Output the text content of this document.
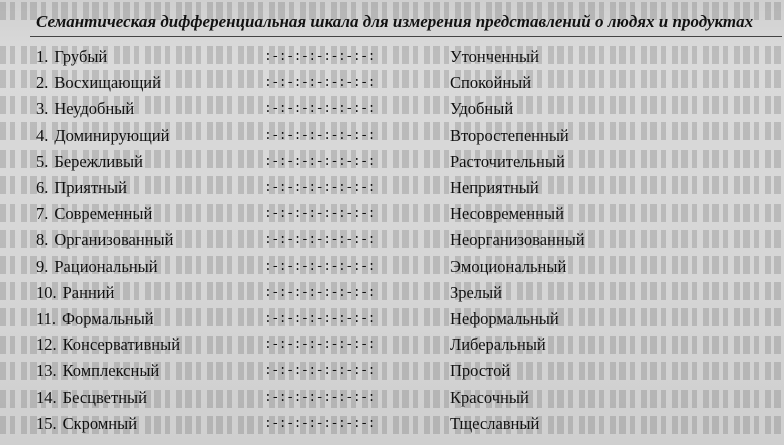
Семантическая дифференциальная шкала для измерения представлений о людях и продуктах
1. Грубый	:-:-:-:-:-:-:-:	Утонченный
2. Восхищающий	:-:-:-:-:-:-:-:	Спокойный
3. Неудобный	:-:-:-:-:-:-:-:	Удобный
4. Доминирующий	:-:-:-:-:-:-:-:	Второстепенный
5. Бережливый	:-:-:-:-:-:-:-:	Расточительный
6. Приятный	:-:-:-:-:-:-:-:	Неприятный
7. Современный	:-:-:-:-:-:-:-:	Несовременный
8. Организованный	:-:-:-:-:-:-:-:	Неорганизованный
9. Рациональный	:-:-:-:-:-:-:-:	Эмоциональный
10. Ранний	:-:-:-:-:-:-:-:	Зрелый
11. Формальный	:-:-:-:-:-:-:-:	Неформальный
12. Консервативный	:-:-:-:-:-:-:-:	Либеральный
13. Комплексный	:-:-:-:-:-:-:-:	Простой
14. Бесцветный	:-:-:-:-:-:-:-:	Красочный
15. Скромный	:-:-:-:-:-:-:-:	Тщеславный
